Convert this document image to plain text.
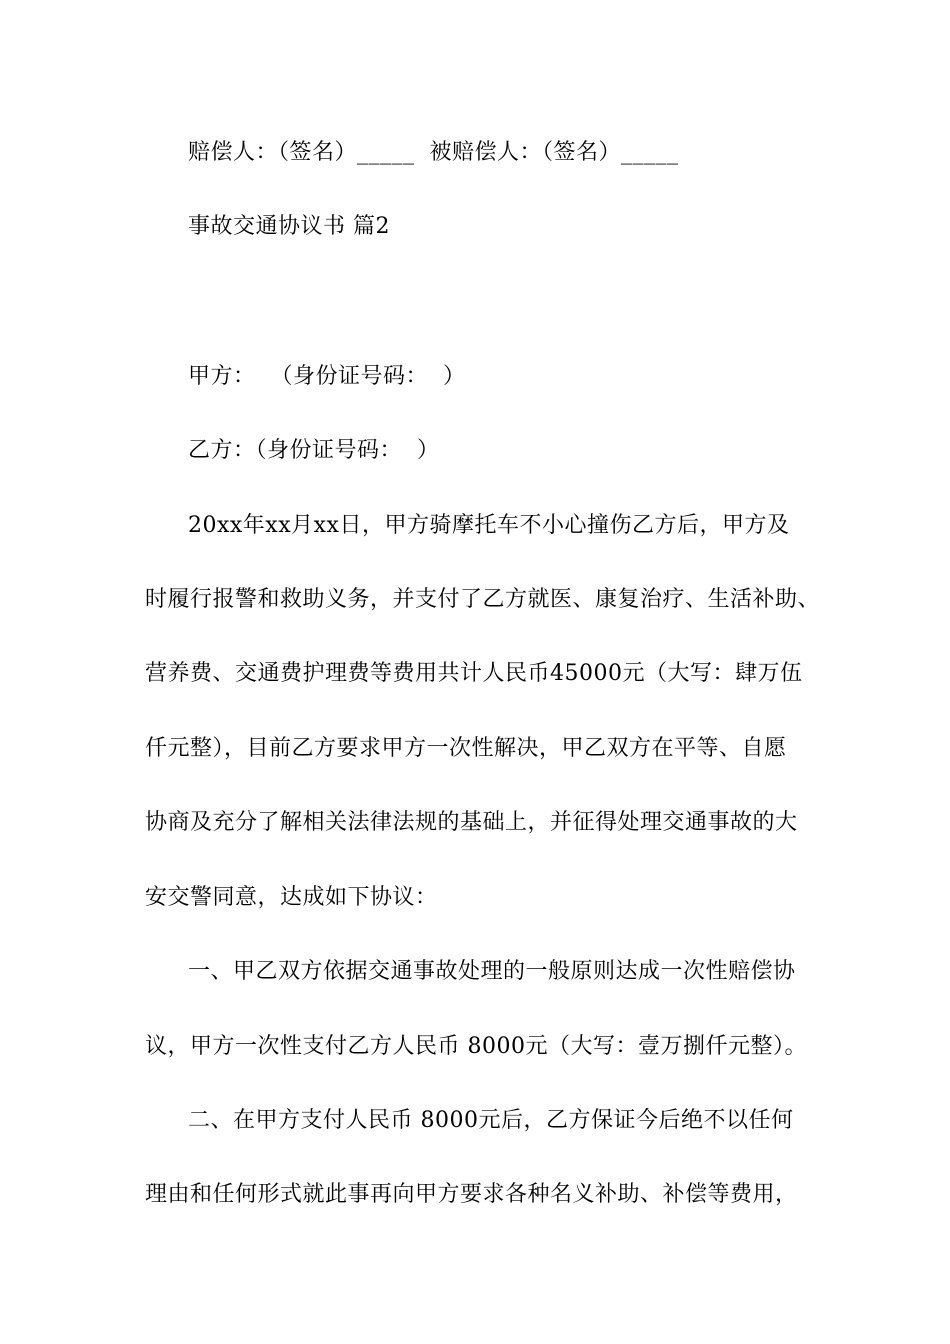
赔偿人：（签名）_____  被赔偿人：（签名）_____
事故交通协议书 篇2
甲方：  （身份证号码：  ）
乙方：（身份证号码：  ）
20xx年xx月xx日，甲方骑摩托车不小心撞伤乙方后，甲方及
时履行报警和救助义务，并支付了乙方就医、康复治疗、生活补助、
营养费、交通费护理费等费用共计人民币45000元（大写：肆万伍
仟元整），目前乙方要求甲方一次性解决，甲乙双方在平等、自愿
协商及充分了解相关法律法规的基础上，并征得处理交通事故的大
安交警同意，达成如下协议：
一、甲乙双方依据交通事故处理的一般原则达成一次性赔偿协
议，甲方一次性支付乙方人民币 8000元（大写：壹万捌仟元整）。
二、在甲方支付人民币 8000元后，乙方保证今后绝不以任何
理由和任何形式就此事再向甲方要求各种名义补助、补偿等费用，
